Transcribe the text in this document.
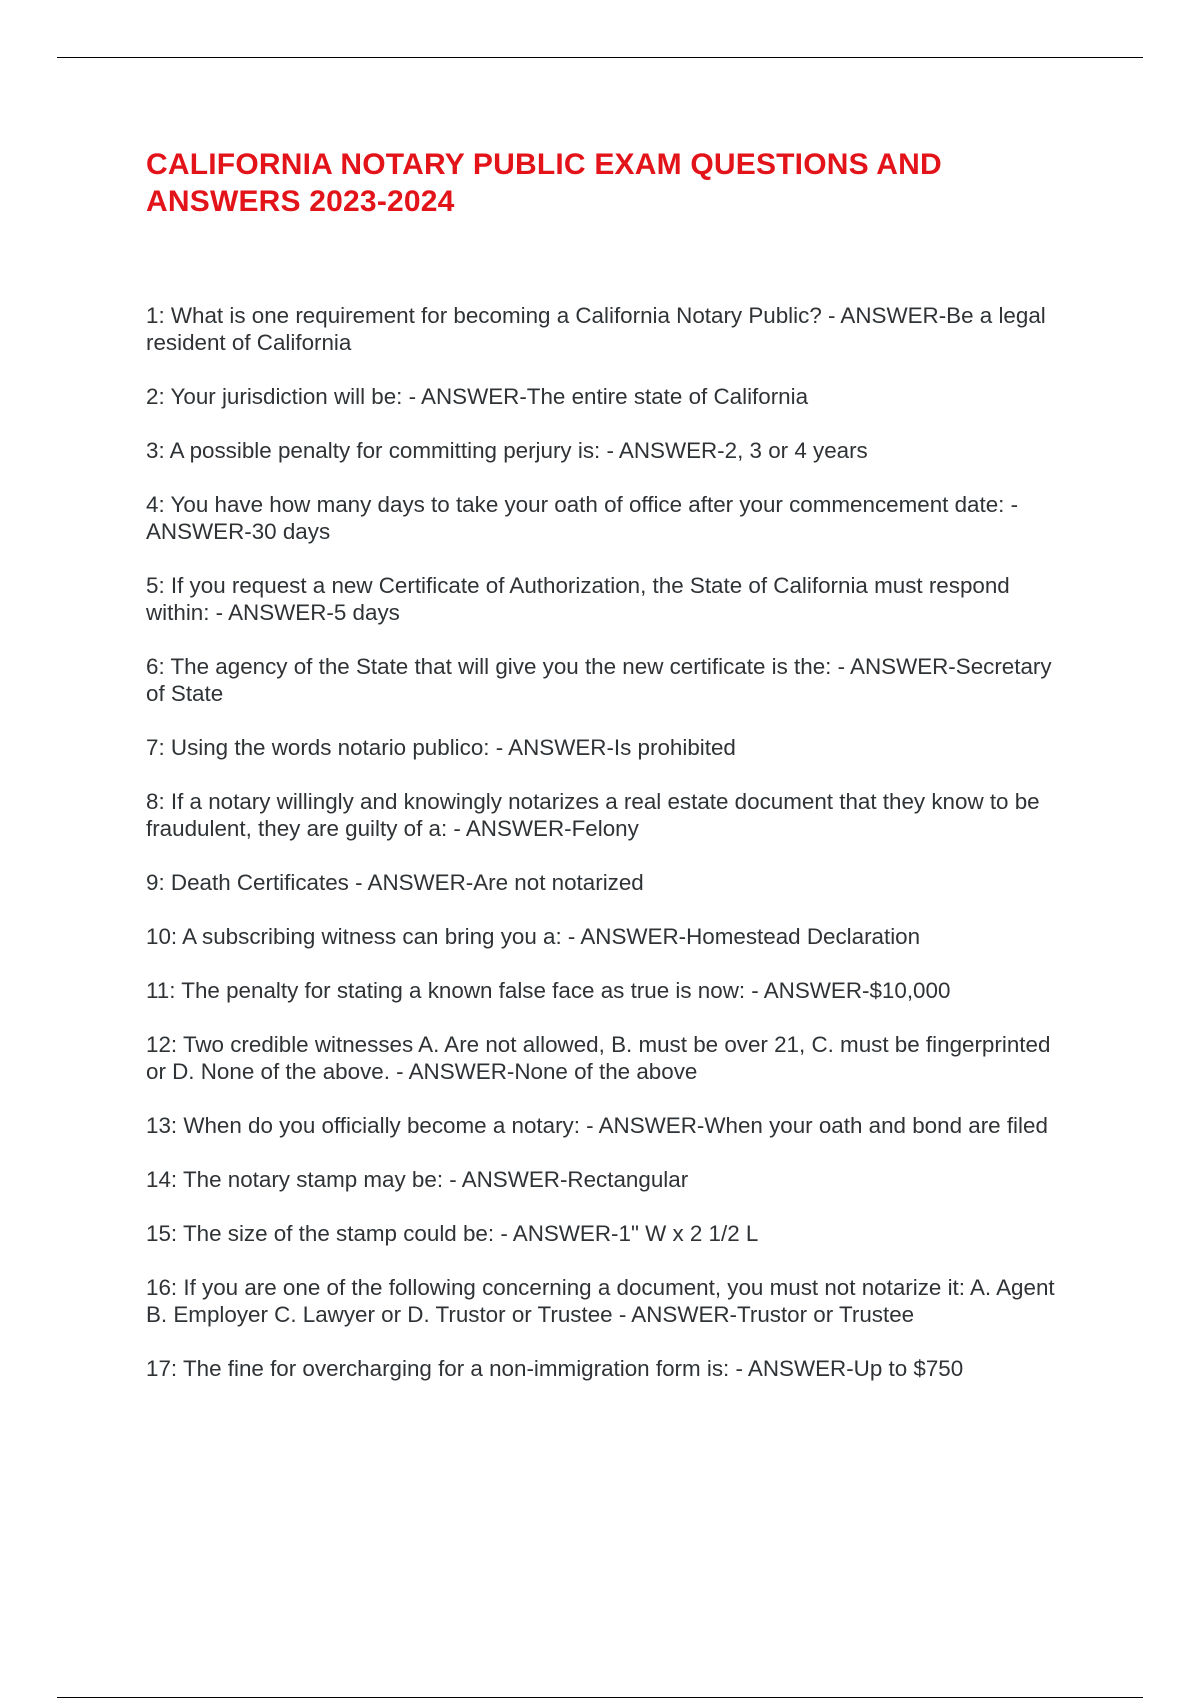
CALIFORNIA NOTARY PUBLIC EXAM QUESTIONS AND ANSWERS 2023-2024
1: What is one requirement for becoming a California Notary Public? - ANSWER-Be a legal resident of California
2: Your jurisdiction will be: - ANSWER-The entire state of California
3: A possible penalty for committing perjury is: - ANSWER-2, 3 or 4 years
4: You have how many days to take your oath of office after your commencement date: - ANSWER-30 days
5: If you request a new Certificate of Authorization, the State of California must respond within: - ANSWER-5 days
6: The agency of the State that will give you the new certificate is the: - ANSWER-Secretary of State
7: Using the words notario publico: - ANSWER-Is prohibited
8: If a notary willingly and knowingly notarizes a real estate document that they know to be fraudulent, they are guilty of a: - ANSWER-Felony
9: Death Certificates - ANSWER-Are not notarized
10: A subscribing witness can bring you a: - ANSWER-Homestead Declaration
11: The penalty for stating a known false face as true is now: - ANSWER-$10,000
12: Two credible witnesses A. Are not allowed, B. must be over 21, C. must be fingerprinted or D. None of the above. - ANSWER-None of the above
13: When do you officially become a notary: - ANSWER-When your oath and bond are filed
14: The notary stamp may be: - ANSWER-Rectangular
15: The size of the stamp could be: - ANSWER-1" W x 2 1/2 L
16: If you are one of the following concerning a document, you must not notarize it: A. Agent B. Employer C. Lawyer or D. Trustor or Trustee - ANSWER-Trustor or Trustee
17: The fine for overcharging for a non-immigration form is: - ANSWER-Up to $750
